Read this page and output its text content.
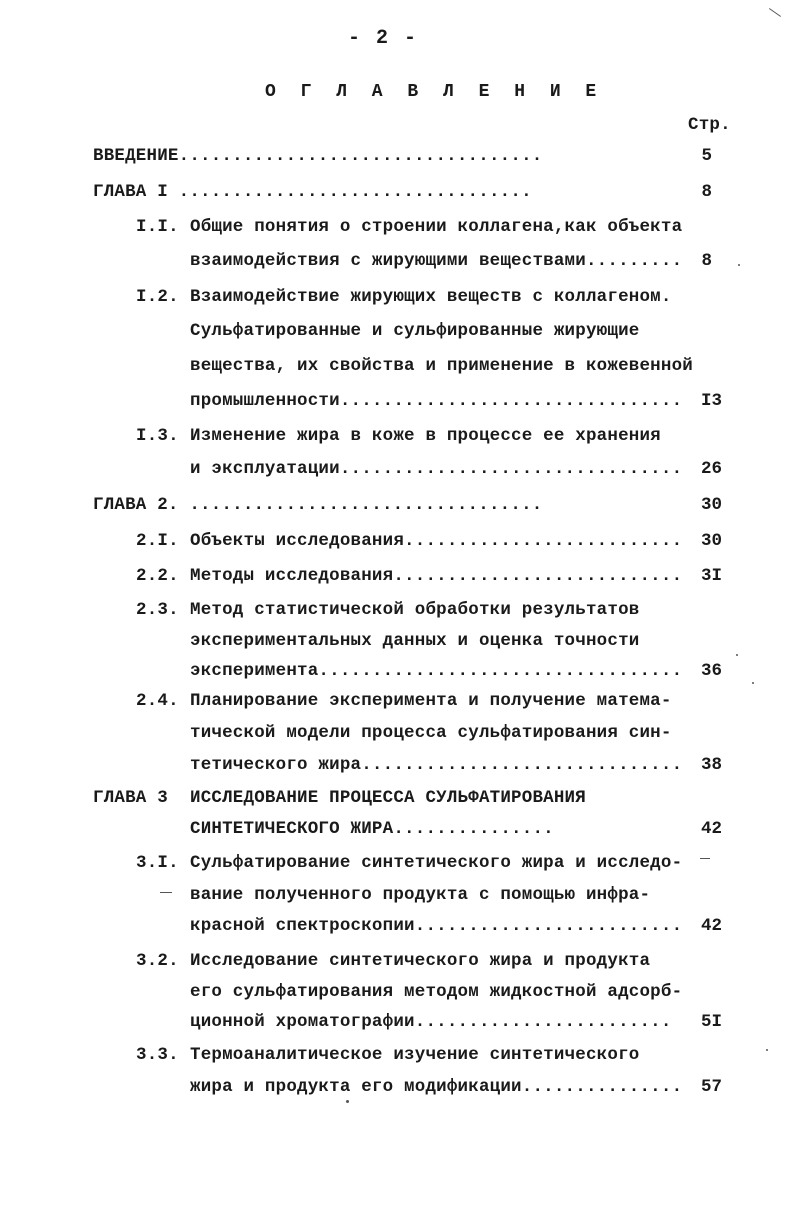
- 2 -
О Г Л А В Л Е Н И Е
Стр.
ВВЕДЕНИЕ..................................	5
ГЛАВА I .................................	8
I.I. Общие понятия о строении коллагена,как объекта
взаимодействия с жирующими веществами.........	8
I.2. Взаимодействие жирующих веществ с коллагеном.
Сульфатированные и сульфированные жирующие
вещества, их свойства и применение в кожевенной
промышленности................................	I3
I.3. Изменение жира в коже в процессе ее хранения
и эксплуатации................................	26
ГЛАВА 2. .................................	30
2.I. Объекты исследования..........................	30
2.2. Методы исследования...........................	3I
2.3. Метод статистической обработки результатов
экспериментальных данных и оценка точности
эксперимента..................................	36
2.4. Планирование эксперимента и получение матема-
тической модели процесса сульфатирования син-
тетического жира..............................	38
ГЛАВА 3 ИССЛЕДОВАНИЕ ПРОЦЕССА СУЛЬФАТИРОВАНИЯ
СИНТЕТИЧЕСКОГО ЖИРА...............	42
3.I. Сульфатирование синтетического жира и исследо-
вание полученного продукта с помощью инфра-
красной спектроскопии.........................	42
3.2. Исследование синтетического жира и продукта
его сульфатирования методом жидкостной адсорб-
ционной хроматографии........................	5I
3.3. Термоаналитическое изучение синтетического
жира и продукта его модификации...............	57
